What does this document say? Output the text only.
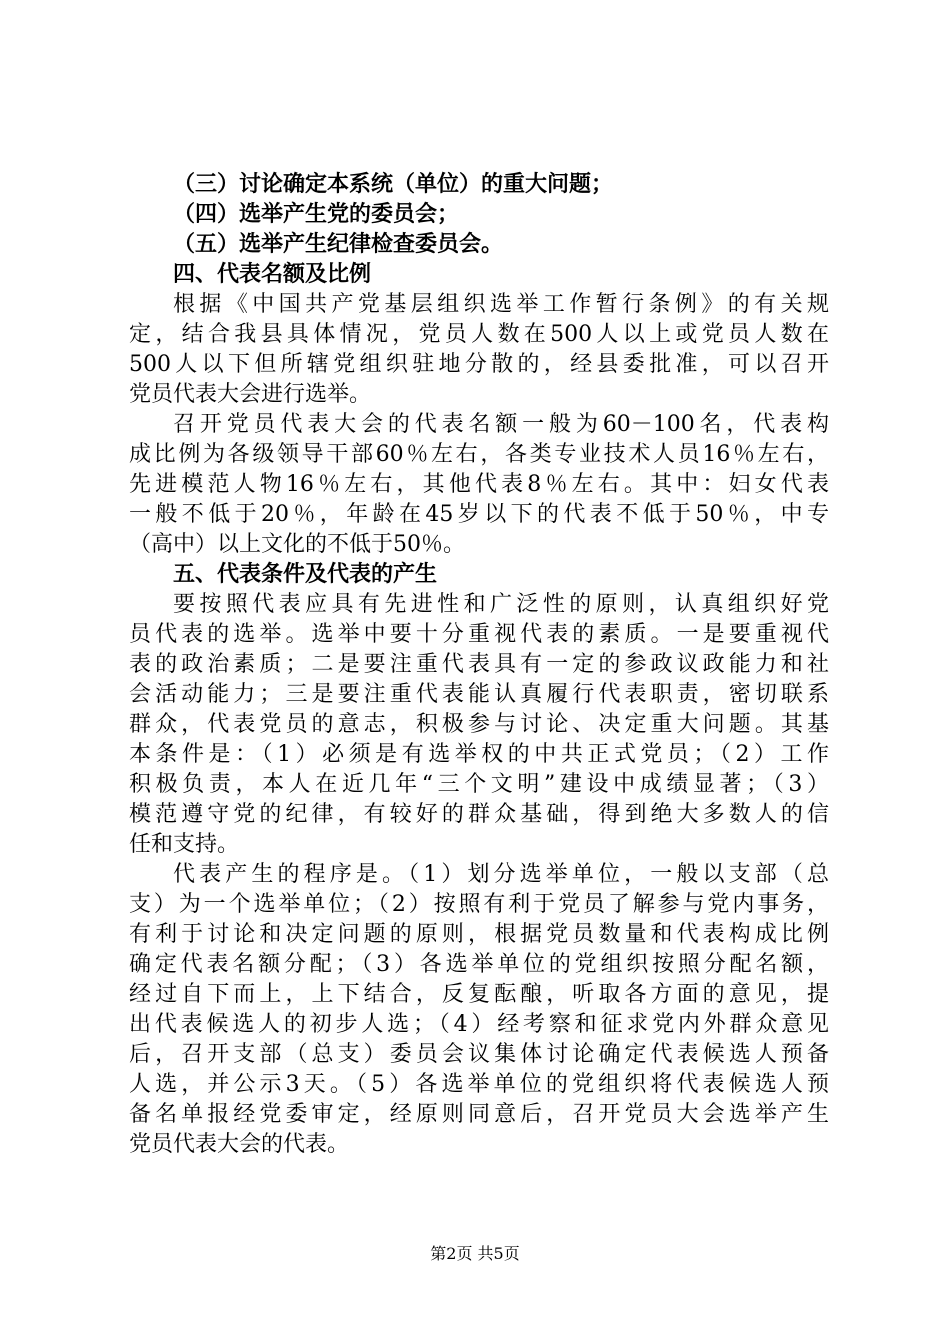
（三）讨论确定本系统（单位）的重大问题；
（四）选举产生党的委员会；
（五）选举产生纪律检查委员会。
四、代表名额及比例
根据《中国共产党基层组织选举工作暂行条例》的有关规
定，结合我县具体情况，党员人数在500人以上或党员人数在
500人以下但所辖党组织驻地分散的，经县委批准，可以召开
党员代表大会进行选举。
召开党员代表大会的代表名额一般为60－100名，代表构
成比例为各级领导干部60％左右，各类专业技术人员16％左右，
先进模范人物16％左右，其他代表8％左右。其中：妇女代表
一般不低于20％，年龄在45岁以下的代表不低于50％，中专
（高中）以上文化的不低于50％。
五、代表条件及代表的产生
要按照代表应具有先进性和广泛性的原则，认真组织好党
员代表的选举。选举中要十分重视代表的素质。一是要重视代
表的政治素质；二是要注重代表具有一定的参政议政能力和社
会活动能力；三是要注重代表能认真履行代表职责，密切联系
群众，代表党员的意志，积极参与讨论、决定重大问题。其基
本条件是：（1）必须是有选举权的中共正式党员；（2）工作
积极负责，本人在近几年“三个文明”建设中成绩显著；（3）
模范遵守党的纪律，有较好的群众基础，得到绝大多数人的信
任和支持。
代表产生的程序是。（1）划分选举单位，一般以支部（总
支）为一个选举单位；（2）按照有利于党员了解参与党内事务，
有利于讨论和决定问题的原则，根据党员数量和代表构成比例
确定代表名额分配；（3）各选举单位的党组织按照分配名额，
经过自下而上，上下结合，反复酝酿，听取各方面的意见，提
出代表候选人的初步人选；（4）经考察和征求党内外群众意见
后，召开支部（总支）委员会议集体讨论确定代表候选人预备
人选，并公示3天。（5）各选举单位的党组织将代表候选人预
备名单报经党委审定，经原则同意后，召开党员大会选举产生
党员代表大会的代表。
第2页 共5页
